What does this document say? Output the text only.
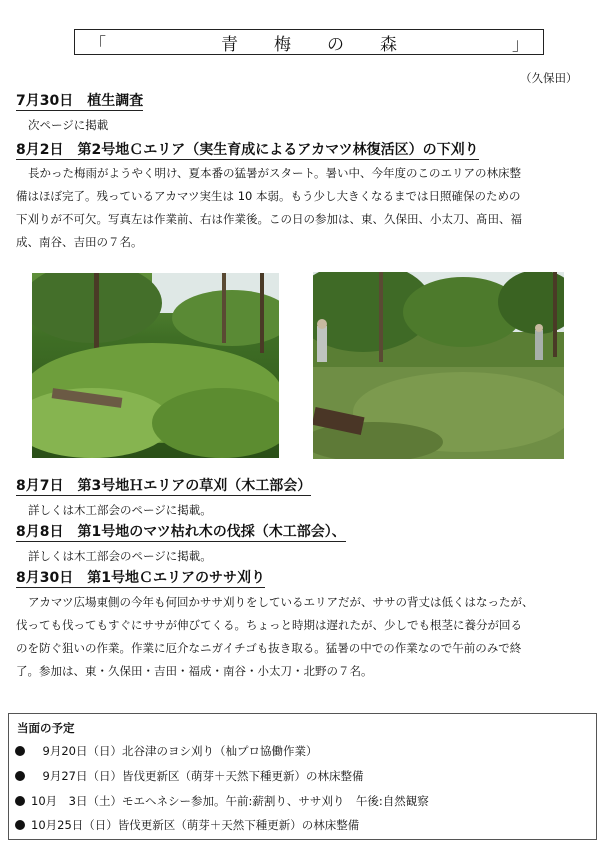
「	青梅の森	」
（久保田）
7月30日　植生調査
次ページに掲載
8月2日　第2号地Ｃエリア（実生育成によるアカマツ林復活区）の下刈り
長かった梅雨がようやく明け、夏本番の猛暑がスタート。暑い中、今年度のこのエリアの林床整
備はほぼ完了。残っているアカマツ実生は 10 本弱。もう少し大きくなるまでは日照確保のための
下刈りが不可欠。写真左は作業前、右は作業後。この日の参加は、東、久保田、小太刀、髙田、福
成、南谷、吉田の７名。
8月7日　第3号地Ｈエリアの草刈（木工部会）
詳しくは木工部会のページに掲載。
8月8日　第1号地のマツ枯れ木の伐採（木工部会）、
詳しくは木工部会のページに掲載。
8月30日　第1号地Ｃエリアのササ刈り
アカマツ広場東側の今年も何回かササ刈りをしているエリアだが、ササの背丈は低くはなったが、
伐っても伐ってもすぐにササが伸びてくる。ちょっと時期は遅れたが、少しでも根茎に養分が回る
のを防ぐ狙いの作業。作業に厄介なニガイチゴも抜き取る。猛暑の中での作業なので午前のみで終
了。参加は、東・久保田・吉田・福成・南谷・小太刀・北野の７名。
当面の予定
　9月20日（日）北谷津のヨシ刈り（杣プロ協働作業）
　9月27日（日）皆伐更新区（萌芽＋天然下種更新）の林床整備
10月　3日（土）モエヘネシー参加。午前:薪割り、ササ刈り　午後:自然観察
10月25日（日）皆伐更新区（萌芽＋天然下種更新）の林床整備
